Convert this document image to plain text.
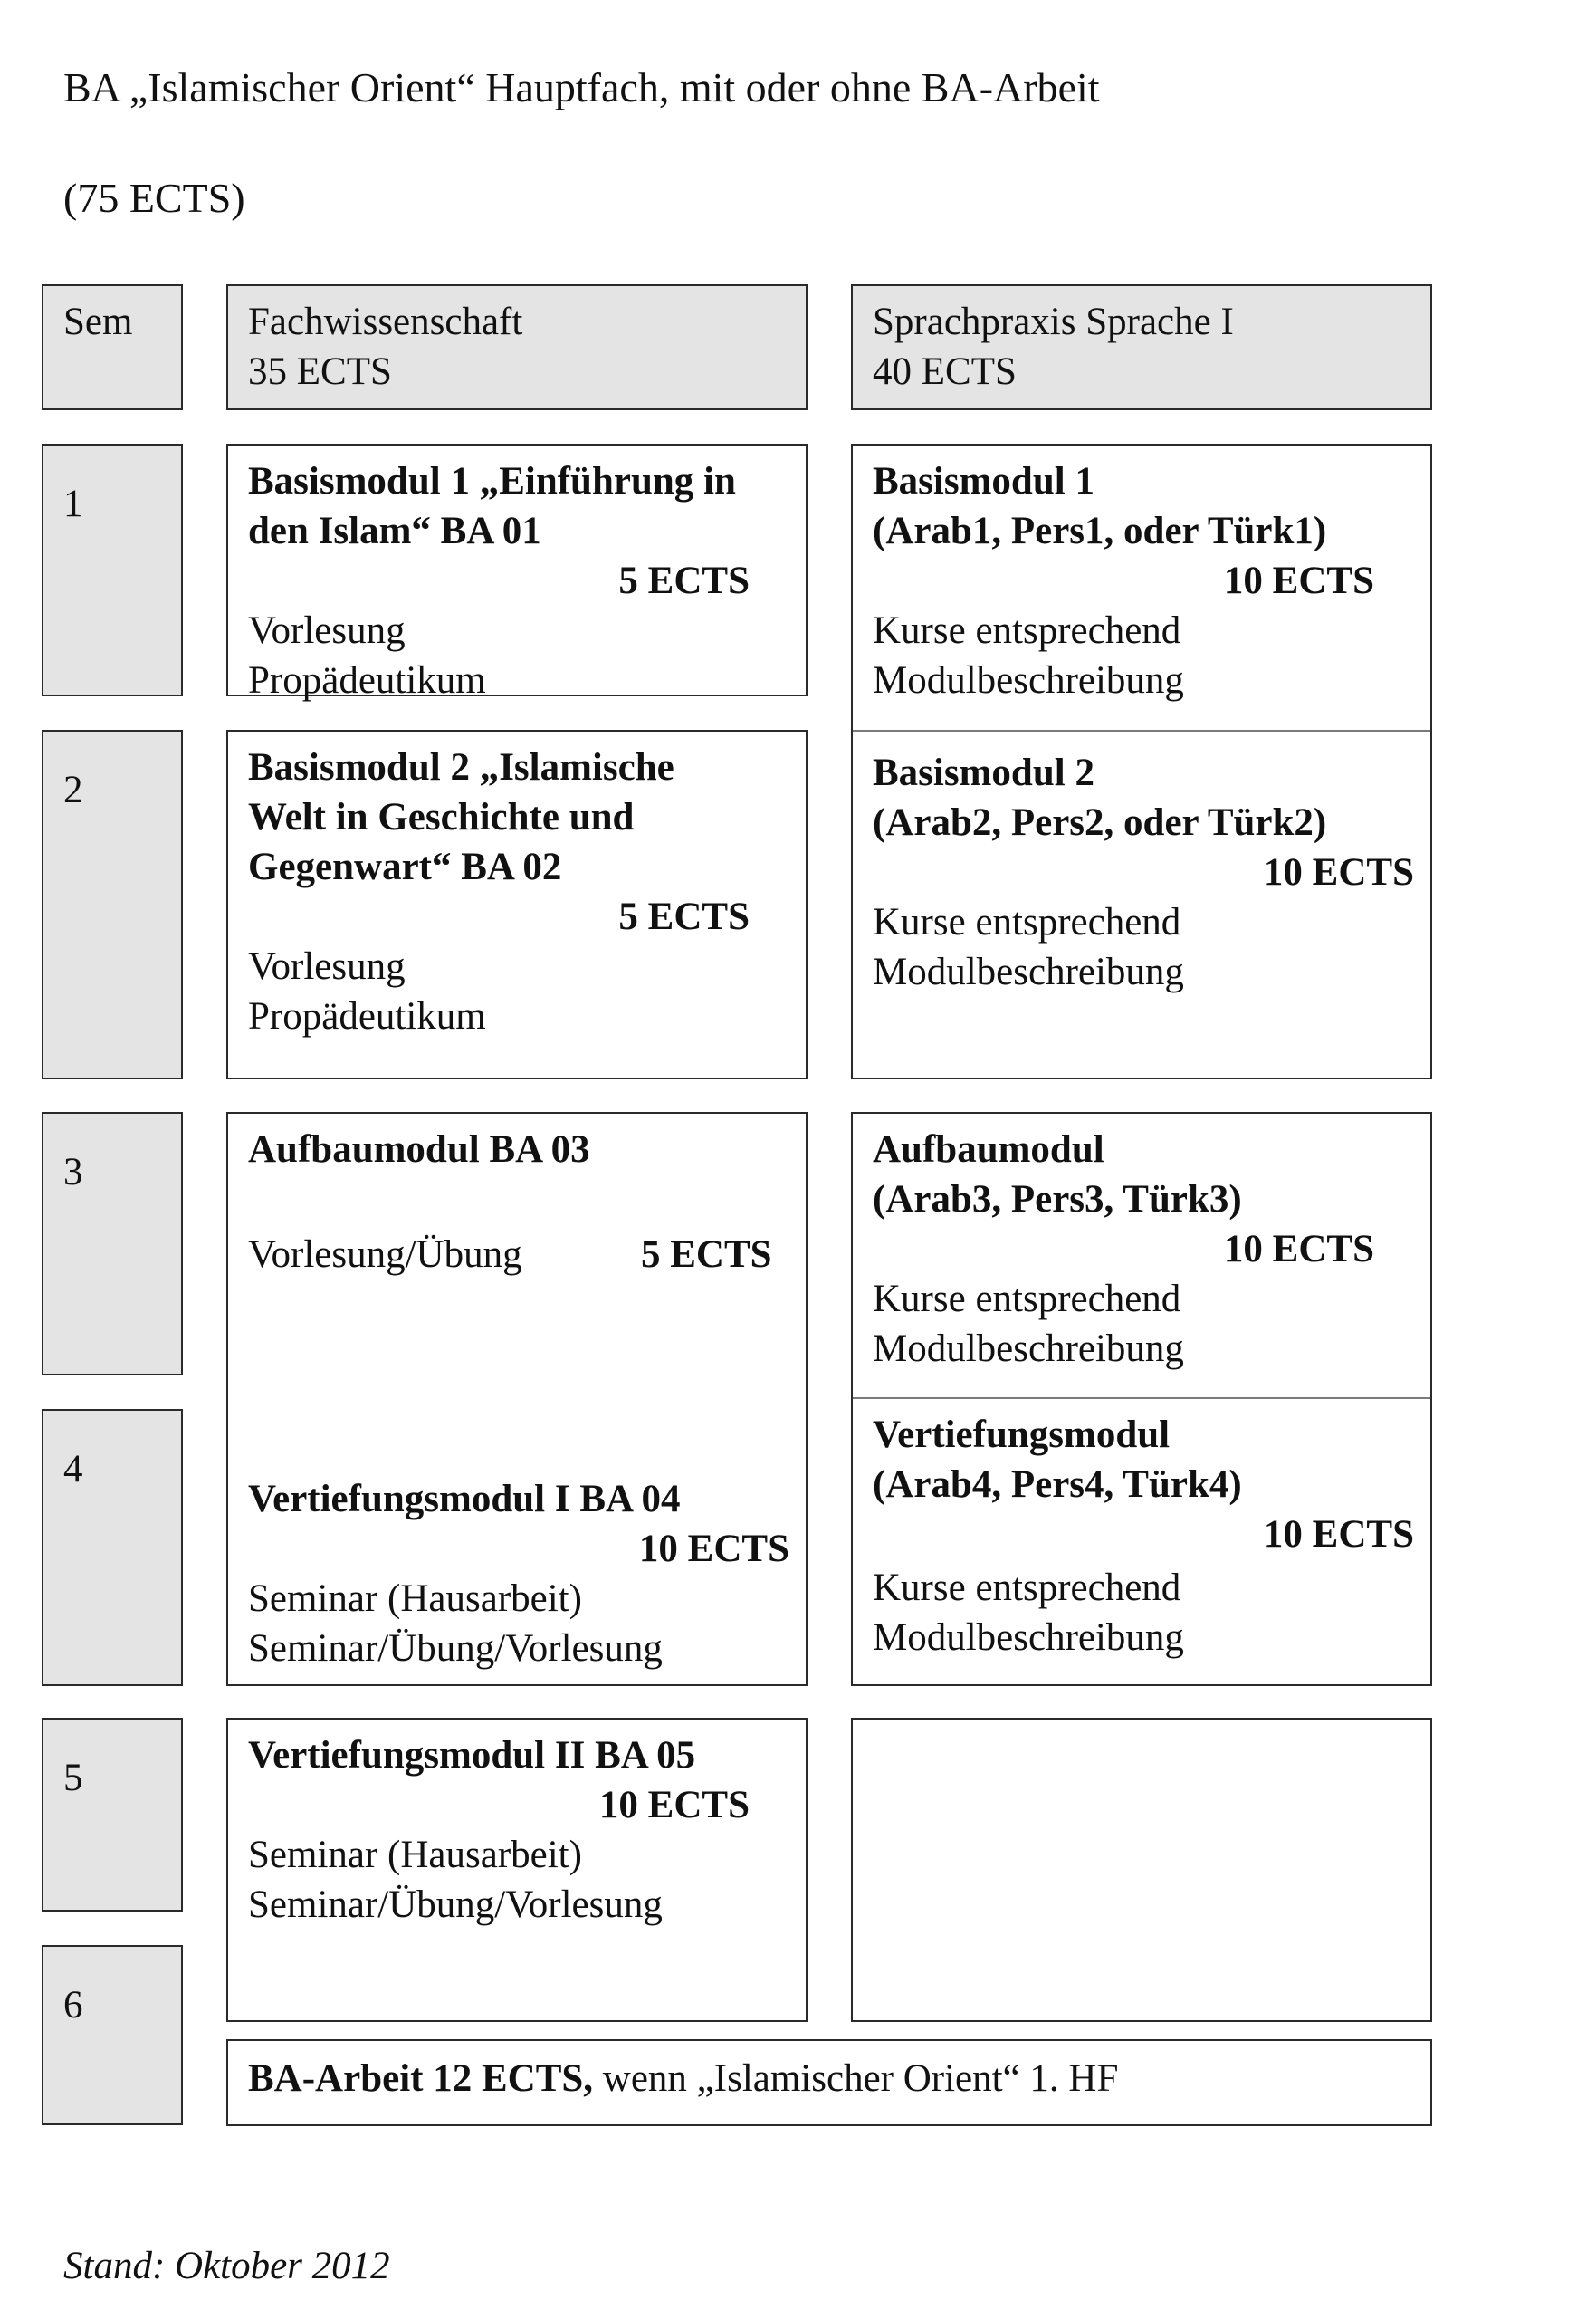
BA „Islamischer Orient“ Hauptfach, mit oder ohne BA-Arbeit
(75 ECTS)
Sem	Fachwissenschaft
35 ECTS
Sprachpraxis Sprache I
40 ECTS
1
2
3
4
5
6
Basismodul 1 „Einführung in
den Islam“ BA 01
5 ECTS
Vorlesung
Propädeutikum
Basismodul 2 „Islamische
Welt in Geschichte und
Gegenwart“ BA 02
5 ECTS
Vorlesung
Propädeutikum
Aufbaumodul BA 03
Vorlesung/Übung	5 ECTS
Vertiefungsmodul I BA 04
10 ECTS
Seminar (Hausarbeit)
Seminar/Übung/Vorlesung
Vertiefungsmodul II BA 05
10 ECTS
Seminar (Hausarbeit)
Seminar/Übung/Vorlesung
Basismodul 1
(Arab1, Pers1, oder Türk1)
10 ECTS
Kurse entsprechend
Modulbeschreibung
Basismodul 2
(Arab2, Pers2, oder Türk2)
10 ECTS
Kurse entsprechend
Modulbeschreibung
Aufbaumodul
(Arab3, Pers3, Türk3)
10 ECTS
Kurse entsprechend
Modulbeschreibung
Vertiefungsmodul
(Arab4, Pers4, Türk4)
10 ECTS
Kurse entsprechend
Modulbeschreibung
BA-Arbeit 12 ECTS, wenn „Islamischer Orient“ 1. HF
Stand: Oktober 2012
